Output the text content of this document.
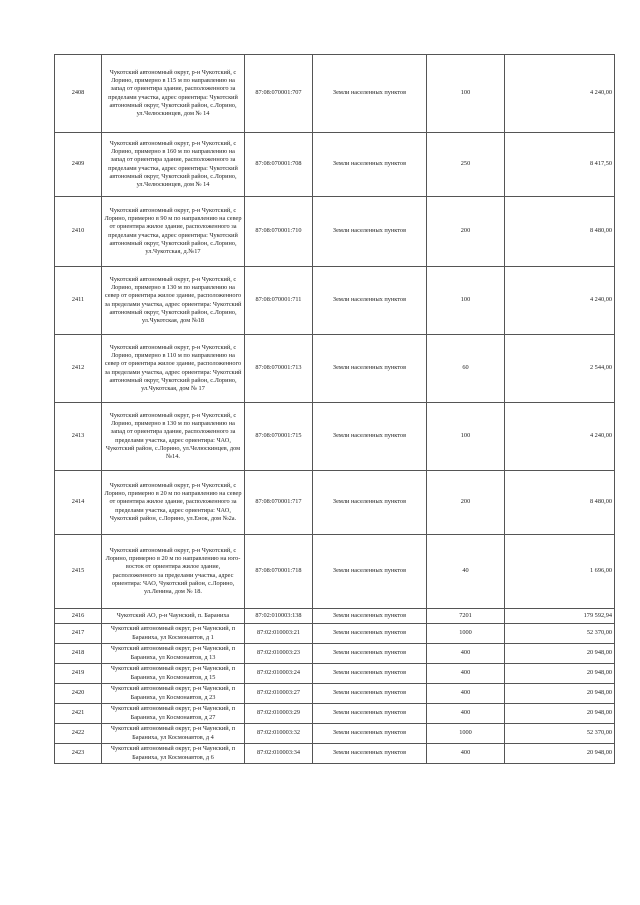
2408	Чукотский автономный округ, р-н Чукотский, с Лорино, примерно в 115 м по направлению на запад от ориентира здание, расположенного за пределами участка, адрес ориентира: Чукотский автономный округ, Чукотский район, с.Лорино, ул.Челюскинцев, дом № 14	87:08:070001:707	Земли населенных пунктов	100	4 240,00
2409	Чукотский автономный округ, р-н Чукотский, с Лорино, примерно в 160 м по направлению на запад от ориентира здание, расположенного за пределами участка, адрес ориентира: Чукотский автономный округ, Чукотский район, с.Лорино, ул.Челюскинцев, дом № 14	87:08:070001:708	Земли населенных пунктов	250	8 417,50
2410	Чукотский автономный округ, р-н Чукотский, с Лорино, примерно в 90 м по направлению на север от ориентира жилое здание, расположенного за пределами участка, адрес ориентира: Чукотский автономный округ, Чукотский район, с.Лорино, ул.Чукотская, д.№17	87:08:070001:710	Земли населенных пунктов	200	8 480,00
2411	Чукотский автономный округ, р-н Чукотский, с Лорино, примерно в 130 м по направлению на север от ориентира жилое здание, расположенного за пределами участка, адрес ориентира: Чукотский автономный округ, Чукотский район, с.Лорино, ул.Чукотская, дом №18	87:08:070001:711	Земли населенных пунктов	100	4 240,00
2412	Чукотский автономный округ, р-н Чукотский, с Лорино, примерно в 110 м по направлению на север от ориентира жилое здание, расположенного за пределами участка, адрес ориентира: Чукотский автономный округ, Чукотский район, с.Лорино, ул.Чукотская, дом № 17	87:08:070001:713	Земли населенных пунктов	60	2 544,00
2413	Чукотский автономный округ, р-н Чукотский, с Лорино, примерно в 130 м по направлению на запад от ориентира здание, расположенного за пределами участка, адрес ориентира: ЧАО, Чукотский район, с.Лорино, ул.Челюскинцев, дом №14.	87:08:070001:715	Земли населенных пунктов	100	4 240,00
2414	Чукотский автономный округ, р-н Чукотский, с Лорино, примерно в 20 м по направлению на север от ориентира жилое здание, расположенного за пределами участка, адрес ориентира: ЧАО, Чукотский район, с.Лорино, ул.Енок, дом №2а.	87:08:070001:717	Земли населенных пунктов	200	8 480,00
2415	Чукотский автономный округ, р-н Чукотский, с Лорино, примерно в 20 м по направлению на юго-восток от ориентира жилое здание, расположенного за пределами участка, адрес ориентира: ЧАО, Чукотский район, с.Лорино, ул.Ленина, дом № 18.	87:08:070001:718	Земли населенных пунктов	40	1 696,00
2416	Чукотский АО, р-н Чаунский, п. Бараниха	87:02:010003:138	Земли населенных пунктов	7201	179 592,94
2417	Чукотский автономный округ, р-н Чаунский, п Бараниха, ул Космонавтов, д 1	87:02:010003:21	Земли населенных пунктов	1000	52 370,00
2418	Чукотский автономный округ, р-н Чаунский, п Бараниха, ул Космонавтов, д 13	87:02:010003:23	Земли населенных пунктов	400	20 948,00
2419	Чукотский автономный округ, р-н Чаунский, п Бараниха, ул Космонавтов, д 15	87:02:010003:24	Земли населенных пунктов	400	20 948,00
2420	Чукотский автономный округ, р-н Чаунский, п Бараниха, ул Космонавтов, д 23	87:02:010003:27	Земли населенных пунктов	400	20 948,00
2421	Чукотский автономный округ, р-н Чаунский, п Бараниха, ул Космонавтов, д 27	87:02:010003:29	Земли населенных пунктов	400	20 948,00
2422	Чукотский автономный округ, р-н Чаунский, п Бараниха, ул Космонавтов, д 4	87:02:010003:32	Земли населенных пунктов	1000	52 370,00
2423	Чукотский автономный округ, р-н Чаунский, п Бараниха, ул Космонавтов, д 6	87:02:010003:34	Земли населенных пунктов	400	20 948,00
